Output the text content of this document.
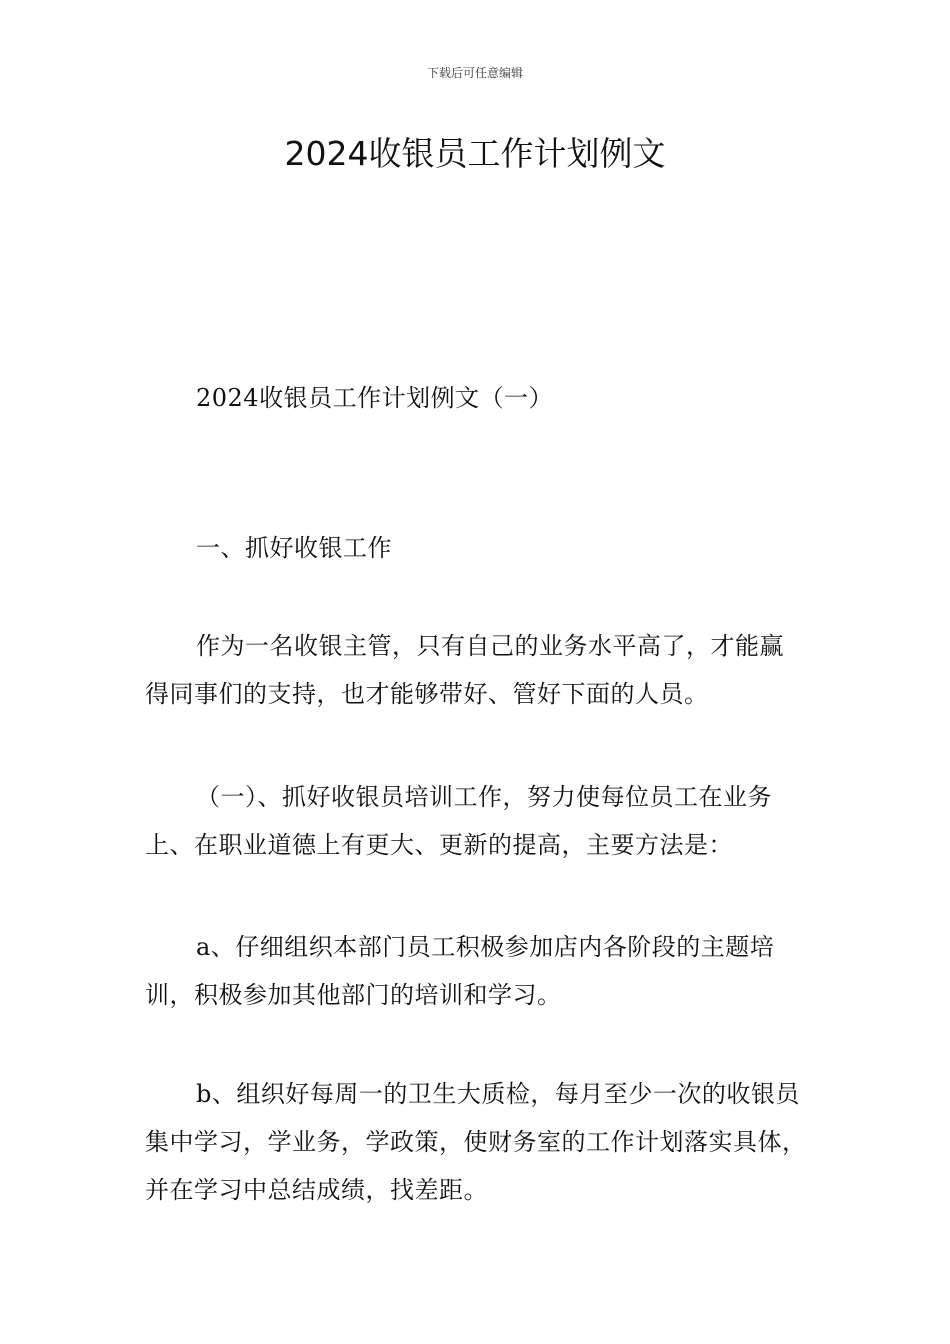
下载后可任意编辑
2024收银员工作计划例文

2024收银员工作计划例文（一）

一、抓好收银工作

作为一名收银主管，只有自己的业务水平高了，才能赢得同事们的支持，也才能够带好、管好下面的人员。

（一）、抓好收银员培训工作，努力使每位员工在业务上、在职业道德上有更大、更新的提高，主要方法是：

a、仔细组织本部门员工积极参加店内各阶段的主题培训，积极参加其他部门的培训和学习。

b、组织好每周一的卫生大质检，每月至少一次的收银员集中学习，学业务，学政策，使财务室的工作计划落实具体，并在学习中总结成绩，找差距。
